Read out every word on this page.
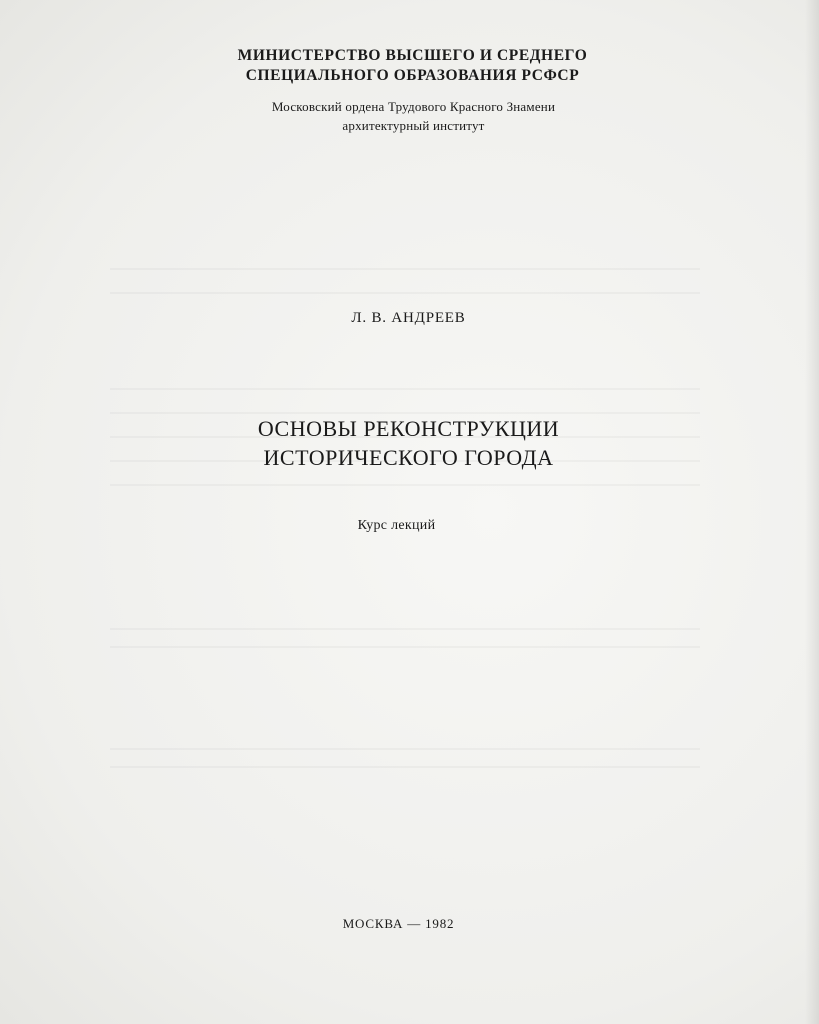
МИНИСТЕРСТВО ВЫСШЕГО И СРЕДНЕГО
СПЕЦИАЛЬНОГО ОБРАЗОВАНИЯ РСФСР
Московский ордена Трудового Красного Знамени
архитектурный институт
Л. В. АНДРЕЕВ
ОСНОВЫ РЕКОНСТРУКЦИИ
ИСТОРИЧЕСКОГО ГОРОДА
Курс лекций
МОСКВА — 1982
